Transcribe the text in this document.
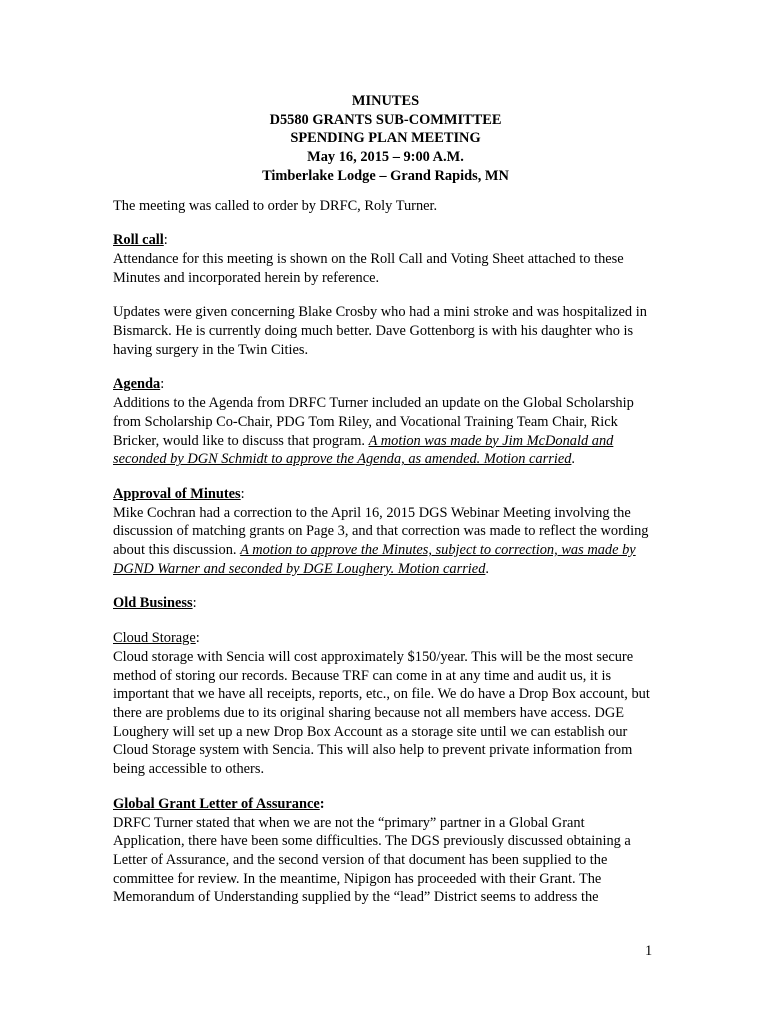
MINUTES
D5580 GRANTS SUB-COMMITTEE
SPENDING PLAN MEETING
May 16, 2015 – 9:00 A.M.
Timberlake Lodge – Grand Rapids, MN

The meeting was called to order by DRFC, Roly Turner.

Roll call:
Attendance for this meeting is shown on the Roll Call and Voting Sheet attached to these Minutes and incorporated herein by reference.

Updates were given concerning Blake Crosby who had a mini stroke and was hospitalized in Bismarck. He is currently doing much better. Dave Gottenborg is with his daughter who is having surgery in the Twin Cities.

Agenda:
Additions to the Agenda from DRFC Turner included an update on the Global Scholarship from Scholarship Co-Chair, PDG Tom Riley, and Vocational Training Team Chair, Rick Bricker, would like to discuss that program. A motion was made by Jim McDonald and seconded by DGN Schmidt to approve the Agenda, as amended. Motion carried.
Approval of Minutes:
Mike Cochran had a correction to the April 16, 2015 DGS Webinar Meeting involving the discussion of matching grants on Page 3, and that correction was made to reflect the wording about this discussion. A motion to approve the Minutes, subject to correction, was made by DGND Warner and seconded by DGE Loughery. Motion carried.
Old Business:
Cloud Storage:
Cloud storage with Sencia will cost approximately $150/year. This will be the most secure method of storing our records. Because TRF can come in at any time and audit us, it is important that we have all receipts, reports, etc., on file. We do have a Drop Box account, but there are problems due to its original sharing because not all members have access. DGE Loughery will set up a new Drop Box Account as a storage site until we can establish our Cloud Storage system with Sencia. This will also help to prevent private information from being accessible to others.
Global Grant Letter of Assurance:
DRFC Turner stated that when we are not the “primary” partner in a Global Grant Application, there have been some difficulties. The DGS previously discussed obtaining a Letter of Assurance, and the second version of that document has been supplied to the committee for review. In the meantime, Nipigon has proceeded with their Grant. The Memorandum of Understanding supplied by the “lead” District seems to address the
1
